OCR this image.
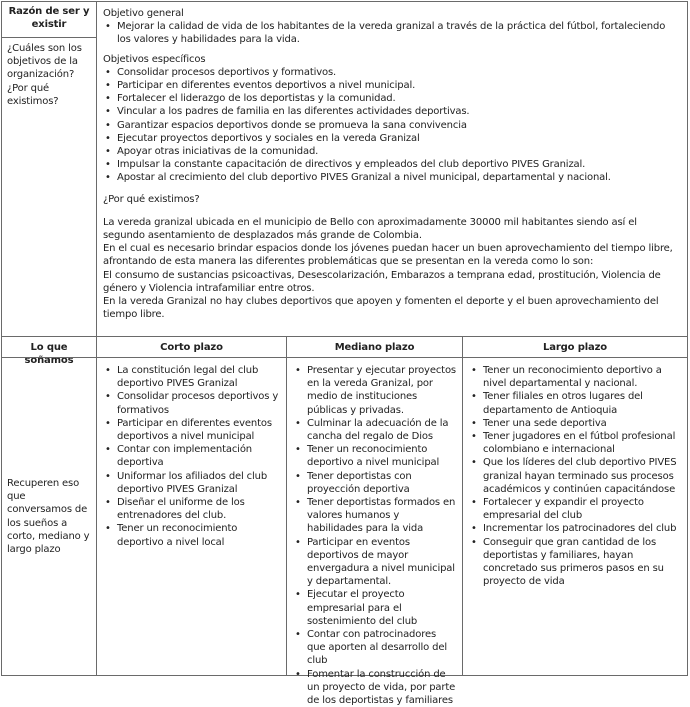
Razón de ser y
existir
¿Cuáles son los objetivos de la organización? ¿Por qué existimos?
Objetivo general
• Mejorar la calidad de vida de los habitantes de la vereda granizal a través de la práctica del fútbol, fortaleciendo los valores y habilidades para la vida.
Objetivos específicos
• Consolidar procesos deportivos y formativos.
• Participar en diferentes eventos deportivos a nivel municipal.
• Fortalecer el liderazgo de los deportistas y la comunidad.
• Vincular a los padres de familia en las diferentes actividades deportivas.
• Garantizar espacios deportivos donde se promueva la sana convivencia
• Ejecutar proyectos deportivos y sociales en la vereda Granizal
• Apoyar otras iniciativas de la comunidad.
• Impulsar la constante capacitación de directivos y empleados del club deportivo PIVES Granizal.
• Apostar al crecimiento del club deportivo PIVES Granizal a nivel municipal, departamental y nacional.
¿Por qué existimos?

La vereda granizal ubicada en el municipio de Bello con aproximadamente 30000 mil habitantes siendo así el segundo asentamiento de desplazados más grande de Colombia.

En el cual es necesario brindar espacios donde los jóvenes puedan hacer un buen aprovechamiento del tiempo libre, afrontando de esta manera las diferentes problemáticas que se presentan en la vereda como lo son:

El consumo de sustancias psicoactivas, Desescolarización, Embarazos a temprana edad, prostitución, Violencia de género y Violencia intrafamiliar entre otros.

En la vereda Granizal no hay clubes deportivos que apoyen y fomenten el deporte y el buen aprovechamiento del tiempo libre.

Lo que soñamos
Corto plazo	Mediano plazo	Largo plazo
Recuperen eso que conversamos de los sueños a corto, mediano y largo plazo
• La constitución legal del club deportivo PIVES Granizal
• Consolidar procesos deportivos y formativos
• Participar en diferentes eventos deportivos a nivel municipal
• Contar con implementación deportiva
• Uniformar los afiliados del club deportivo PIVES Granizal
• Diseñar el uniforme de los entrenadores del club.
• Tener un reconocimiento deportivo a nivel local
• Presentar y ejecutar proyectos en la vereda Granizal, por medio de instituciones públicas y privadas.
• Culminar la adecuación de la cancha del regalo de Dios
• Tener un reconocimiento deportivo a nivel municipal
• Tener deportistas con proyección deportiva
• Tener deportistas formados en valores humanos y habilidades para la vida
• Participar en eventos deportivos de mayor envergadura a nivel municipal y departamental.
• Ejecutar el proyecto empresarial para el sostenimiento del club
• Contar con patrocinadores que aporten al desarrollo del club
• Fomentar la construcción de un proyecto de vida, por parte de los deportistas y familiares
• Tener un reconocimiento deportivo a nivel departamental y nacional.
• Tener filiales en otros lugares del departamento de Antioquia
• Tener una sede deportiva
• Tener jugadores en el fútbol profesional colombiano e internacional
• Que los líderes del club deportivo PIVES granizal hayan terminado sus procesos académicos y continúen capacitándose
• Fortalecer y expandir el proyecto empresarial del club
• Incrementar los patrocinadores del club
• Conseguir que gran cantidad de los deportistas y familiares, hayan concretado sus primeros pasos en su proyecto de vida
